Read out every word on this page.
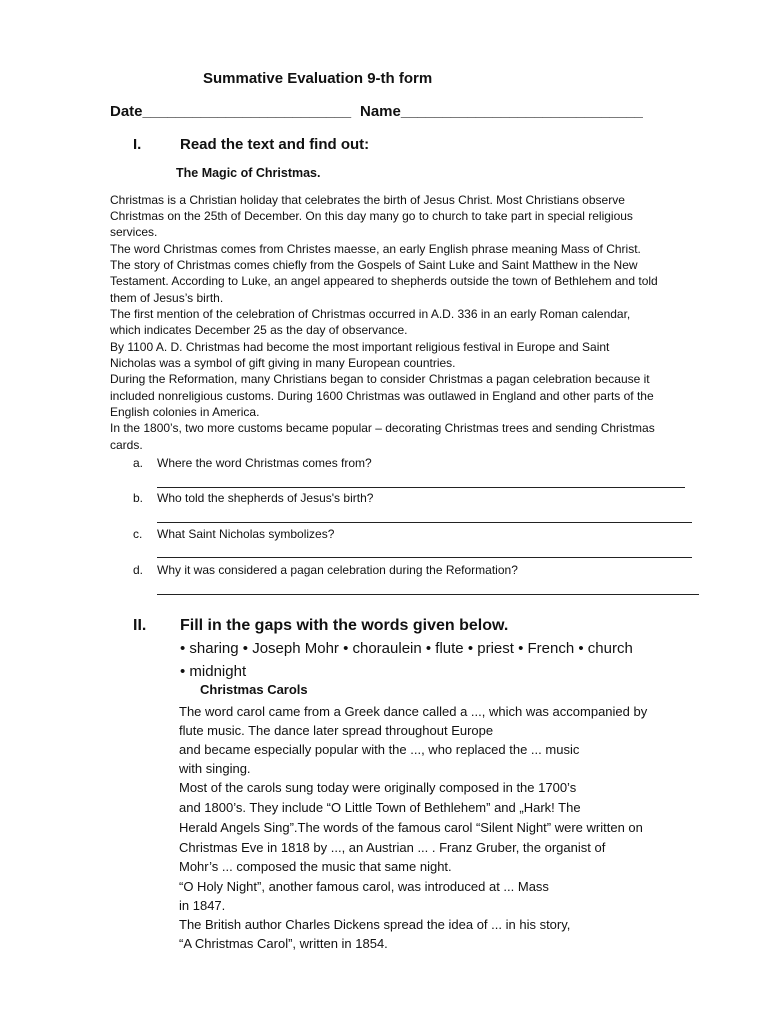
Summative Evaluation 9-th form
Date_________________________ Name_____________________________
I.	Read the text and find out:
The Magic of Christmas.
Christmas is a Christian holiday that celebrates the birth of Jesus Christ. Most Christians observe
Christmas on the 25th of December. On this day many go to church to take part in special religious
services.
The word Christmas comes from Christes maesse, an early English phrase meaning Mass of Christ.
The story of Christmas comes chiefly from the Gospels of Saint Luke and Saint Matthew in the New
Testament. According to Luke, an angel appeared to shepherds outside the town of Bethlehem and told
them of Jesus’s birth.
The first mention of the celebration of Christmas occurred in A.D. 336 in an early Roman calendar,
which indicates December 25 as the day of observance.
By 1100 A. D. Christmas had become the most important religious festival in Europe and Saint
Nicholas was a symbol of gift giving in many European countries.
During the Reformation, many Christians began to consider Christmas a pagan celebration because it
included nonreligious customs. During 1600 Christmas was outlawed in England and other parts of the
English colonies in America.
In the 1800’s, two more customs became popular – decorating Christmas trees and sending Christmas
cards.
a. Where the word Christmas comes from?
b. Who told the shepherds of Jesus's birth?
c. What Saint Nicholas symbolizes?
d. Why it was considered a pagan celebration during the Reformation?
II. Fill in the gaps with the words given below.
• sharing • Joseph Mohr • choraulein • flute • priest • French • church
• midnight
Christmas Carols
The word carol came from a Greek dance called a ..., which was accompanied by
flute music. The dance later spread throughout Europe
and became especially popular with the ..., who replaced the ... music
with singing.
Most of the carols sung today were originally composed in the 1700’s
and 1800’s. They include “O Little Town of Bethlehem” and „Hark! The
Herald Angels Sing”.The words of the famous carol “Silent Night” were written on
Christmas Eve in 1818 by ..., an Austrian ... . Franz Gruber, the organist of
Mohr’s ... composed the music that same night.
“O Holy Night”, another famous carol, was introduced at ... Mass
in 1847.
The British author Charles Dickens spread the idea of ... in his story,
“A Christmas Carol”, written in 1854.
